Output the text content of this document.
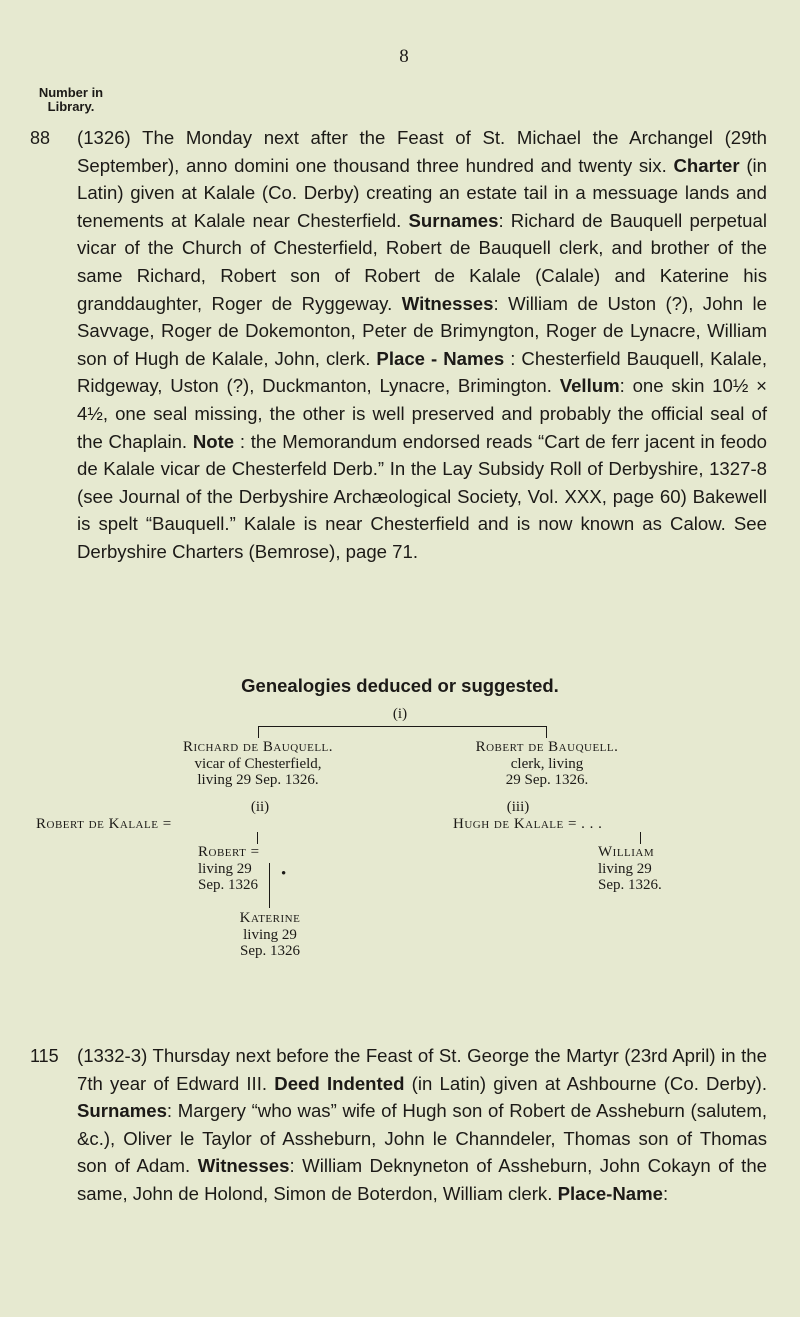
8
Number in Library.
88 (1326) The Monday next after the Feast of St. Michael the Archangel (29th September), anno domini one thousand three hundred and twenty six. Charter (in Latin) given at Kalale (Co. Derby) creating an estate tail in a messuage lands and tenements at Kalale near Chesterfield. Surnames: Richard de Bauquell perpetual vicar of the Church of Chesterfield, Robert de Bauquell clerk, and brother of the same Richard, Robert son of Robert de Kalale (Calale) and Katerine his granddaughter, Roger de Ryggeway. Witnesses: William de Uston (?), John le Savvage, Roger de Dokemonton, Peter de Brimyngton, Roger de Lynacre, William son of Hugh de Kalale, John, clerk. Place - Names : Chesterfield Bauquell, Kalale, Ridgeway, Uston (?), Duckmanton, Lynacre, Brimington. Vellum: one skin 10½ × 4½, one seal missing, the other is well preserved and probably the official seal of the Chaplain. Note : the Memorandum endorsed reads “Cart de ferr jacent in feodo de Kalale vicar de Chesterfeld Derb.” In the Lay Subsidy Roll of Derbyshire, 1327-8 (see Journal of the Derbyshire Archæological Society, Vol. XXX, page 60) Bakewell is spelt “Bauquell.” Kalale is near Chesterfield and is now known as Calow. See Derbyshire Charters (Bemrose), page 71.
Genealogies deduced or suggested.
(i)
Richard de Bauquell.
vicar of Chesterfield,
living 29 Sep. 1326.
Robert de Bauquell.
clerk, living
29 Sep. 1326.
(ii)
Robert de Kalale =
Robert =
living 29
Sep. 1326
•
Katerine
living 29
Sep. 1326
(iii)
Hugh de Kalale = . . .
William
living 29
Sep. 1326.
115 (1332-3) Thursday next before the Feast of St. George the Martyr (23rd April) in the 7th year of Edward III. Deed Indented (in Latin) given at Ashbourne (Co. Derby). Surnames: Margery “who was” wife of Hugh son of Robert de Assheburn (salutem, &c.), Oliver le Taylor of Assheburn, John le Channdeler, Thomas son of Thomas son of Adam. Witnesses: William Deknyneton of Assheburn, John Cokayn of the same, John de Holond, Simon de Boterdon, William clerk. Place-Name:
